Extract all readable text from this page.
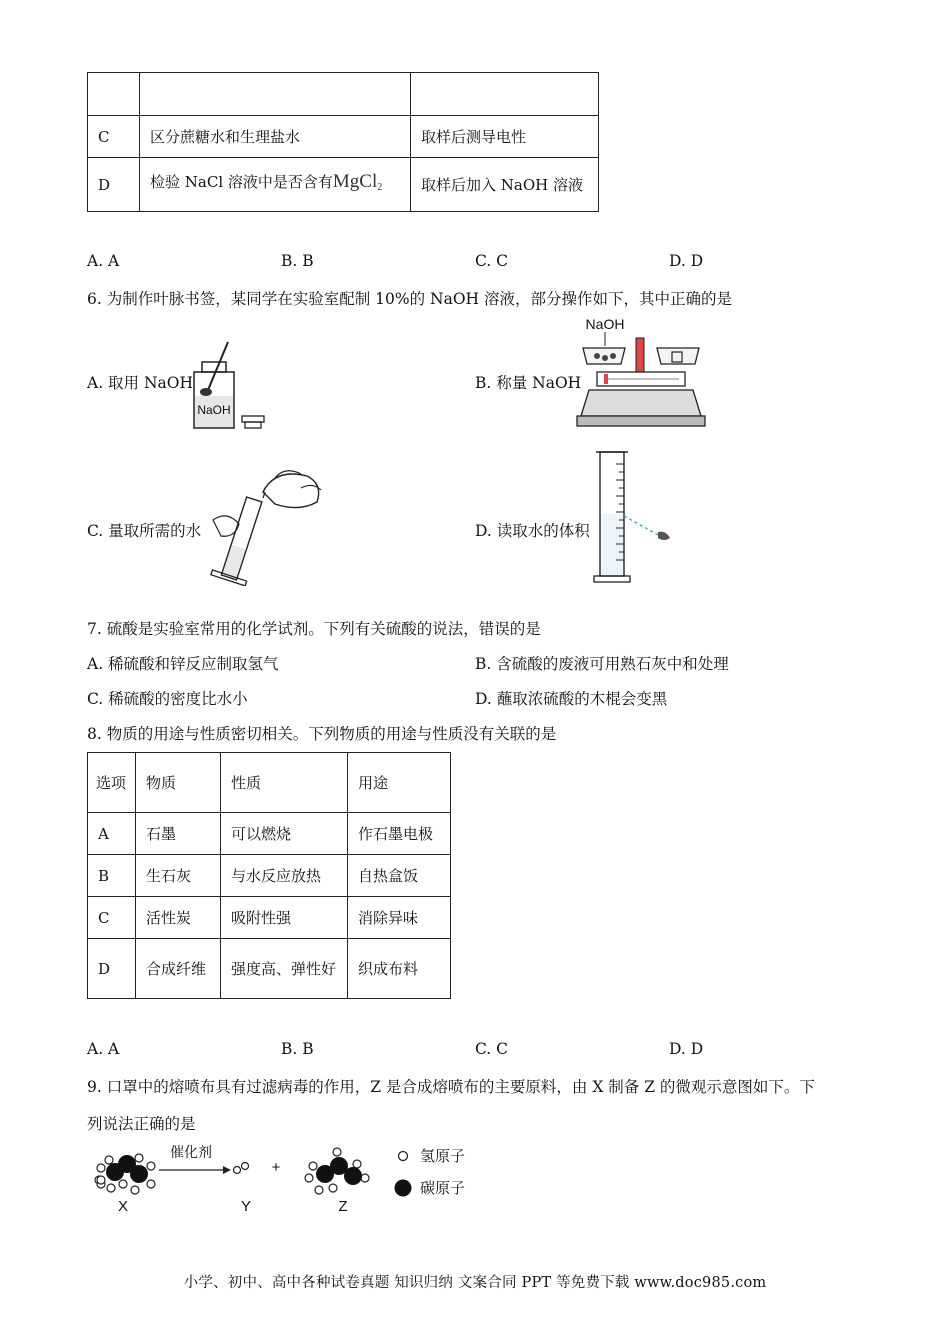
C	区分蔗糖水和生理盐水	取样后测导电性
D	检验 NaCl 溶液中是否含有MgCl$_2$	取样后加入 NaOH 溶液
A. A	B. B	C. C	D. D
6. 为制作叶脉书签，某同学在实验室配制 10%的 NaOH 溶液，部分操作如下，其中正确的是
A. 取用 NaOH
NaOH
B. 称量 NaOH
NaOH
C. 量取所需的水	D. 读取水的体积
7. 硫酸是实验室常用的化学试剂。下列有关硫酸的说法，错误的是
A. 稀硫酸和锌反应制取氢气	B. 含硫酸的废液可用熟石灰中和处理
C. 稀硫酸的密度比水小	D. 蘸取浓硫酸的木棍会变黑
8. 物质的用途与性质密切相关。下列物质的用途与性质没有关联的是
选项	物质	性质	用途
A	石墨	可以燃烧	作石墨电极
B	生石灰	与水反应放热	自热盒饭
C	活性炭	吸附性强	消除异味
D	合成纤维	强度高、弹性好	织成布料
A. A	B. B	C. C	D. D
9. 口罩中的熔喷布具有过滤病毒的作用，Z 是合成熔喷布的主要原料，由 X 制备 Z 的微观示意图如下。下
列说法正确的是
X
催化剂
Y
+
Z
氢原子
碳原子
小学、初中、高中各种试卷真题 知识归纳 文案合同 PPT 等免费下载 www.doc985.com
